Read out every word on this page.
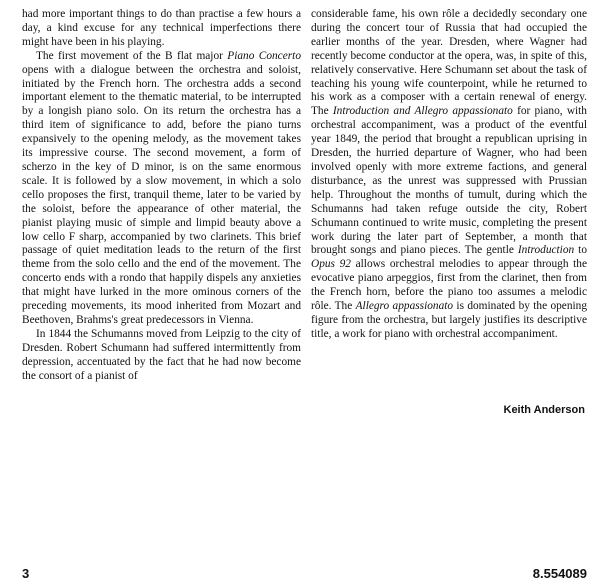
had more important things to do than practise a few hours a day, a kind excuse for any technical imperfections there might have been in his playing.

The first movement of the B flat major Piano Concerto opens with a dialogue between the orchestra and soloist, initiated by the French horn. The orchestra adds a second important element to the thematic material, to be interrupted by a longish piano solo. On its return the orchestra has a third item of significance to add, before the piano turns expansively to the opening melody, as the movement takes its impressive course. The second movement, a form of scherzo in the key of D minor, is on the same enormous scale. It is followed by a slow movement, in which a solo cello proposes the first, tranquil theme, later to be varied by the soloist, before the appearance of other material, the pianist playing music of simple and limpid beauty above a low cello F sharp, accompanied by two clarinets. This brief passage of quiet meditation leads to the return of the first theme from the solo cello and the end of the movement. The concerto ends with a rondo that happily dispels any anxieties that might have lurked in the more ominous corners of the preceding movements, its mood inherited from Mozart and Beethoven, Brahms's great predecessors in Vienna.

In 1844 the Schumanns moved from Leipzig to the city of Dresden. Robert Schumann had suffered intermittently from depression, accentuated by the fact that he had now become the consort of a pianist of

considerable fame, his own rôle a decidedly secondary one during the concert tour of Russia that had occupied the earlier months of the year. Dresden, where Wagner had recently become conductor at the opera, was, in spite of this, relatively conservative. Here Schumann set about the task of teaching his young wife counterpoint, while he returned to his work as a composer with a certain renewal of energy. The Introduction and Allegro appassionato for piano, with orchestral accompaniment, was a product of the eventful year 1849, the period that brought a republican uprising in Dresden, the hurried departure of Wagner, who had been involved openly with more extreme factions, and general disturbance, as the unrest was suppressed with Prussian help. Throughout the months of tumult, during which the Schumanns had taken refuge outside the city, Robert Schumann continued to write music, completing the present work during the later part of September, a month that brought songs and piano pieces. The gentle Introduction to Opus 92 allows orchestral melodies to appear through the evocative piano arpeggios, first from the clarinet, then from the French horn, before the piano too assumes a melodic rôle. The Allegro appassionato is dominated by the opening figure from the orchestra, but largely justifies its descriptive title, a work for piano with orchestral accompaniment.

Keith Anderson
3	8.554089
